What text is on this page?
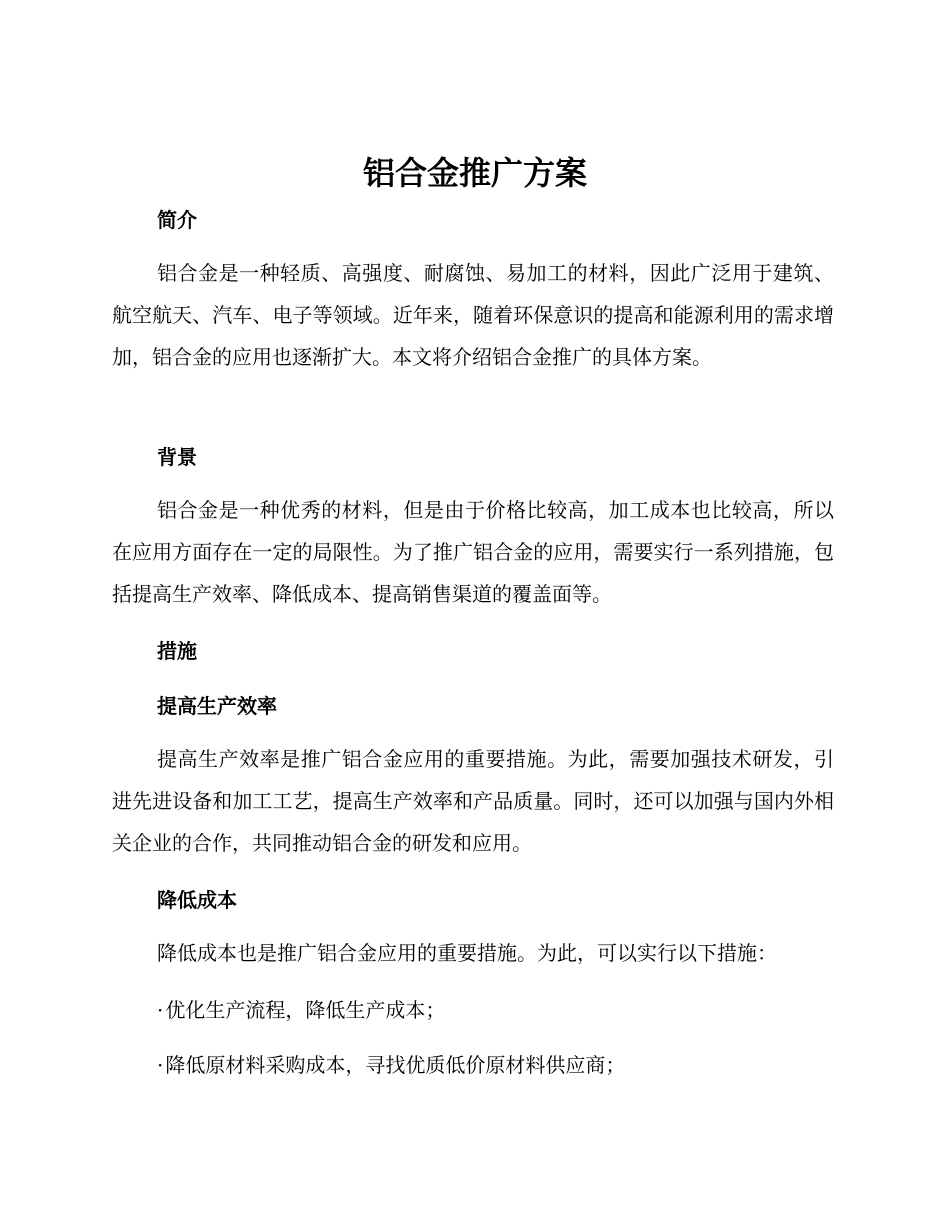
铝合金推广方案
简介

铝合金是一种轻质、高强度、耐腐蚀、易加工的材料，因此广泛用于建筑、航空航天、汽车、电子等领域。近年来，随着环保意识的提高和能源利用的需求增加，铝合金的应用也逐渐扩大。本文将介绍铝合金推广的具体方案。

背景

铝合金是一种优秀的材料，但是由于价格比较高，加工成本也比较高，所以在应用方面存在一定的局限性。为了推广铝合金的应用，需要实行一系列措施，包括提高生产效率、降低成本、提高销售渠道的覆盖面等。

措施
提高生产效率

提高生产效率是推广铝合金应用的重要措施。为此，需要加强技术研发，引进先进设备和加工工艺，提高生产效率和产品质量。同时，还可以加强与国内外相关企业的合作，共同推动铝合金的研发和应用。

降低成本

降低成本也是推广铝合金应用的重要措施。为此，可以实行以下措施：

· 优化生产流程，降低生产成本；

· 降低原材料采购成本，寻找优质低价原材料供应商；
